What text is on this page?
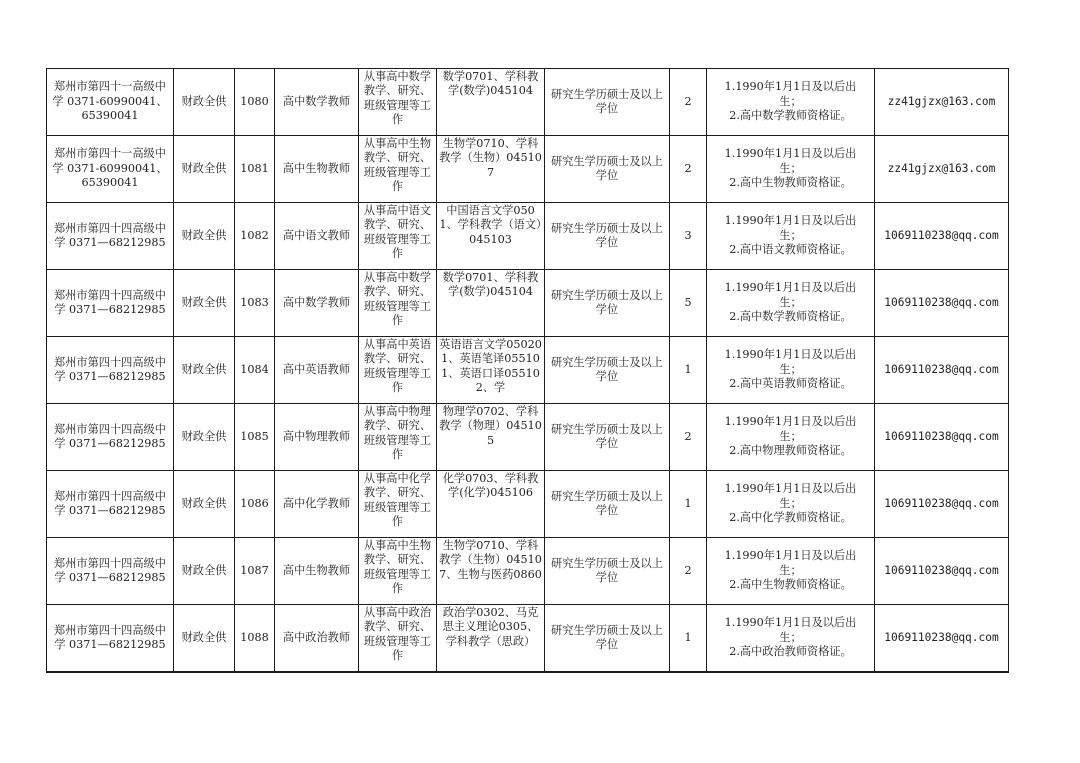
郑州市第四十一高级中学 0371-60990041、65390041	财政全供	1080	高中数学教师	从事高中数学教学、研究、班级管理等工作	数学0701、学科教学(数学)045104	研究生学历硕士及以上学位	2	1.1990年1月1日及以后出生；
2.高中数学教师资格证。	zz41gjzx@163.com

郑州市第四十一高级中学 0371-60990041、65390041	财政全供	1081	高中生物教师	从事高中生物教学、研究、班级管理等工作	生物学0710、学科教学（生物）045107	研究生学历硕士及以上学位	2	1.1990年1月1日及以后出生；
2.高中生物教师资格证。	zz41gjzx@163.com

郑州市第四十四高级中学 0371—68212985	财政全供	1082	高中语文教师	从事高中语文教学、研究、班级管理等工作	中国语言文学0501、学科教学（语文）045103	研究生学历硕士及以上学位	3	1.1990年1月1日及以后出生；
2.高中语文教师资格证。	1069110238@qq.com

郑州市第四十四高级中学 0371—68212985	财政全供	1083	高中数学教师	从事高中数学教学、研究、班级管理等工作	数学0701、学科教学(数学)045104	研究生学历硕士及以上学位	5	1.1990年1月1日及以后出生；
2.高中数学教师资格证。	1069110238@qq.com

郑州市第四十四高级中学 0371—68212985	财政全供	1084	高中英语教师	从事高中英语教学、研究、班级管理等工作	英语语言文学050201、英语笔译055101、英语口译055102、学	研究生学历硕士及以上学位	1	1.1990年1月1日及以后出生；
2.高中英语教师资格证。	1069110238@qq.com

郑州市第四十四高级中学 0371—68212985	财政全供	1085	高中物理教师	从事高中物理教学、研究、班级管理等工作	物理学0702、学科教学（物理）045105	研究生学历硕士及以上学位	2	1.1990年1月1日及以后出生；
2.高中物理教师资格证。	1069110238@qq.com

郑州市第四十四高级中学 0371—68212985	财政全供	1086	高中化学教师	从事高中化学教学、研究、班级管理等工作	化学0703、学科教学(化学)045106	研究生学历硕士及以上学位	1	1.1990年1月1日及以后出生；
2.高中化学教师资格证。	1069110238@qq.com

郑州市第四十四高级中学 0371—68212985	财政全供	1087	高中生物教师	从事高中生物教学、研究、班级管理等工作	生物学0710、学科教学（生物）045107、生物与医药0860	研究生学历硕士及以上学位	2	1.1990年1月1日及以后出生；
2.高中生物教师资格证。	1069110238@qq.com

郑州市第四十四高级中学 0371—68212985	财政全供	1088	高中政治教师	从事高中政治教学、研究、班级管理等工作	政治学0302、马克思主义理论0305、学科教学（思政）	研究生学历硕士及以上学位	1	1.1990年1月1日及以后出生；
2.高中政治教师资格证。	1069110238@qq.com
